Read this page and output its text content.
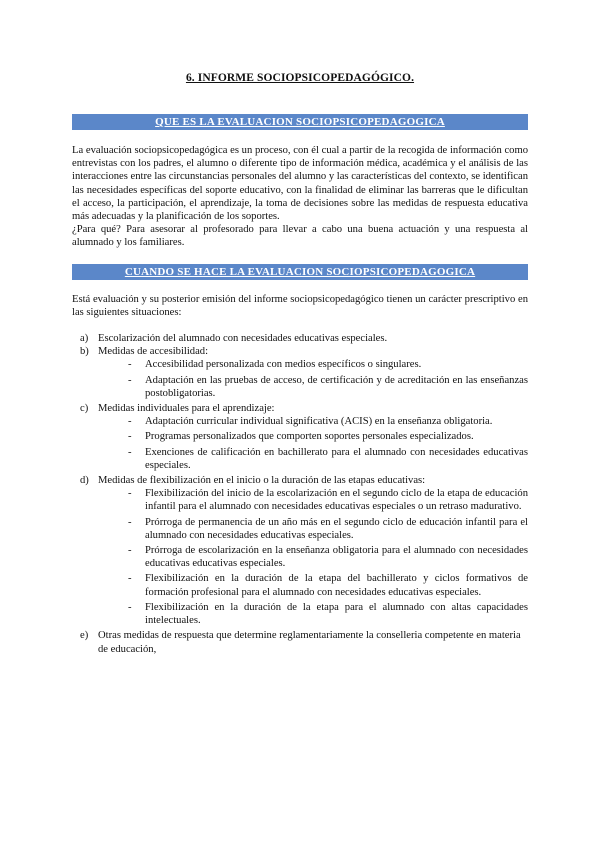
6. INFORME SOCIOPSICOPEDAGÓGICO.
QUE ES LA EVALUACION SOCIOPSICOPEDAGOGICA

La evaluación sociopsicopedagógica es un proceso, con él cual a partir de la recogida de información como entrevistas con los padres, el alumno o diferente tipo de información médica, académica y el análisis de las interacciones entre las circunstancias personales del alumno y las características del contexto, se identifican las necesidades específicas del soporte educativo, con la finalidad de eliminar las barreras que le dificultan el acceso, la participación, el aprendizaje, la toma de decisiones sobre las medidas de respuesta educativa más adecuadas y la planificación de los soportes.

¿Para qué? Para asesorar al profesorado para llevar a cabo una buena actuación y una respuesta al alumnado y los familiares.

CUANDO SE HACE LA EVALUACION SOCIOPSICOPEDAGOGICA

Está evaluación y su posterior emisión del informe sociopsicopedagógico tienen un carácter prescriptivo en las siguientes situaciones:

a) Escolarización del alumnado con necesidades educativas especiales.
b) Medidas de accesibilidad:
- Accesibilidad personalizada con medios específicos o singulares.
- Adaptación en las pruebas de acceso, de certificación y de acreditación en las enseñanzas postobligatorias.
c) Medidas individuales para el aprendizaje:
- Adaptación curricular individual significativa (ACIS) en la enseñanza obligatoria.
- Programas personalizados que comporten soportes personales especializados.
- Exenciones de calificación en bachillerato para el alumnado con necesidades educativas especiales.
d) Medidas de flexibilización en el inicio o la duración de las etapas educativas:
- Flexibilización del inicio de la escolarización en el segundo ciclo de la etapa de educación infantil para el alumnado con necesidades educativas especiales o un retraso madurativo.
- Prórroga de permanencia de un año más en el segundo ciclo de educación infantil para el alumnado con necesidades educativas especiales.
- Prórroga de escolarización en la enseñanza obligatoria para el alumnado con necesidades educativas educativas especiales.
- Flexibilización en la duración de la etapa del bachillerato y ciclos formativos de formación profesional para el alumnado con necesidades educativas especiales.
- Flexibilización en la duración de la etapa para el alumnado con altas capacidades intelectuales.
e) Otras medidas de respuesta que determine reglamentariamente la conselleria competente en materia de educación,
